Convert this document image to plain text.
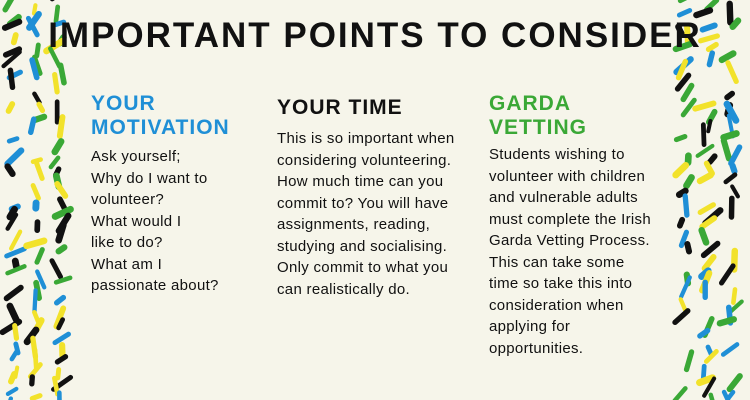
IMPORTANT POINTS TO CONSIDER
YOUR
MOTIVATION
Ask yourself;
Why do I want to
volunteer?
What would I
like to do?
What am I
passionate about?
YOUR TIME
This is so important when
considering volunteering.
How much time can you
commit to? You will have
assignments, reading,
studying and socialising.
Only commit to what you
can realistically do.
GARDA
VETTING
Students wishing to
volunteer with children
and vulnerable adults
must complete the Irish
Garda Vetting Process.
This can take some
time so take this into
consideration when
applying for
opportunities.
